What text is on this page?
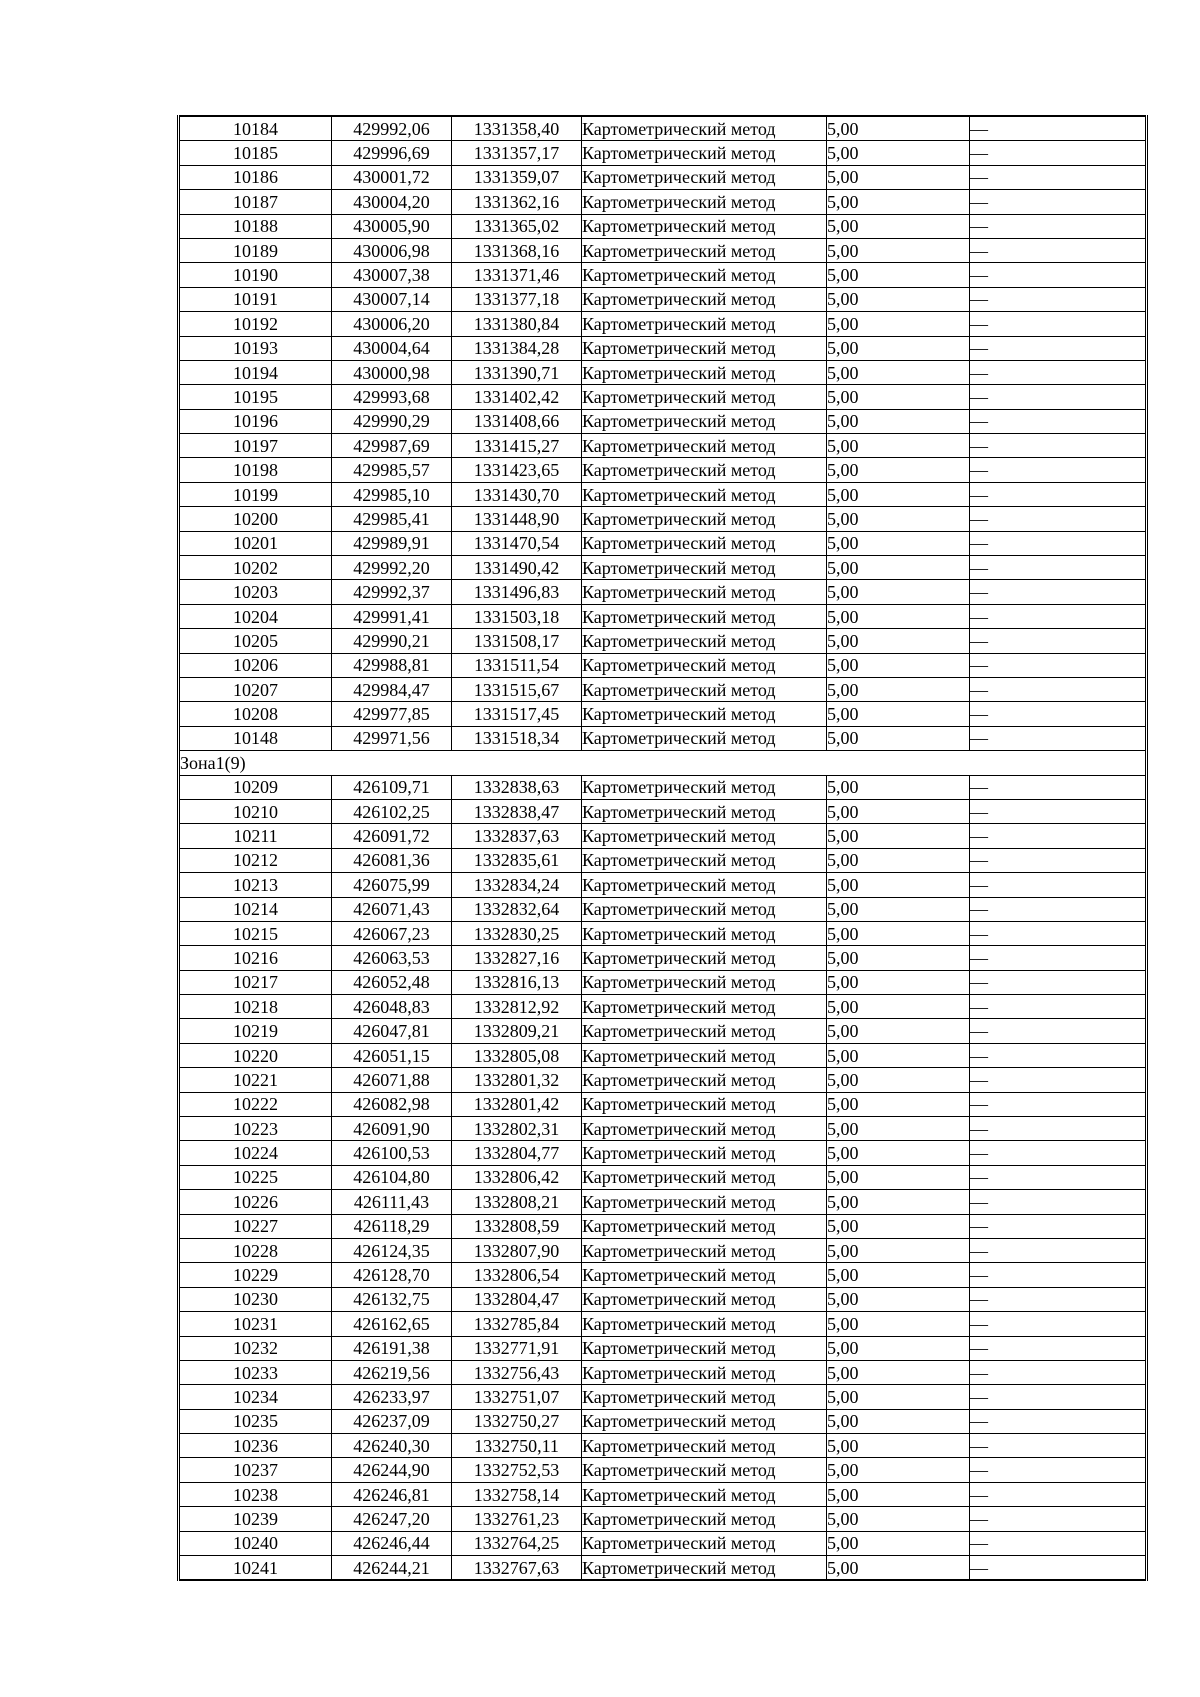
10184	429992,06	1331358,40	Картометрический метод	5,00	—
10185	429996,69	1331357,17	Картометрический метод	5,00	—
10186	430001,72	1331359,07	Картометрический метод	5,00	—
10187	430004,20	1331362,16	Картометрический метод	5,00	—
10188	430005,90	1331365,02	Картометрический метод	5,00	—
10189	430006,98	1331368,16	Картометрический метод	5,00	—
10190	430007,38	1331371,46	Картометрический метод	5,00	—
10191	430007,14	1331377,18	Картометрический метод	5,00	—
10192	430006,20	1331380,84	Картометрический метод	5,00	—
10193	430004,64	1331384,28	Картометрический метод	5,00	—
10194	430000,98	1331390,71	Картометрический метод	5,00	—
10195	429993,68	1331402,42	Картометрический метод	5,00	—
10196	429990,29	1331408,66	Картометрический метод	5,00	—
10197	429987,69	1331415,27	Картометрический метод	5,00	—
10198	429985,57	1331423,65	Картометрический метод	5,00	—
10199	429985,10	1331430,70	Картометрический метод	5,00	—
10200	429985,41	1331448,90	Картометрический метод	5,00	—
10201	429989,91	1331470,54	Картометрический метод	5,00	—
10202	429992,20	1331490,42	Картометрический метод	5,00	—
10203	429992,37	1331496,83	Картометрический метод	5,00	—
10204	429991,41	1331503,18	Картометрический метод	5,00	—
10205	429990,21	1331508,17	Картометрический метод	5,00	—
10206	429988,81	1331511,54	Картометрический метод	5,00	—
10207	429984,47	1331515,67	Картометрический метод	5,00	—
10208	429977,85	1331517,45	Картометрический метод	5,00	—
10148	429971,56	1331518,34	Картометрический метод	5,00	—
Зона1(9)					
10209	426109,71	1332838,63	Картометрический метод	5,00	—
10210	426102,25	1332838,47	Картометрический метод	5,00	—
10211	426091,72	1332837,63	Картометрический метод	5,00	—
10212	426081,36	1332835,61	Картометрический метод	5,00	—
10213	426075,99	1332834,24	Картометрический метод	5,00	—
10214	426071,43	1332832,64	Картометрический метод	5,00	—
10215	426067,23	1332830,25	Картометрический метод	5,00	—
10216	426063,53	1332827,16	Картометрический метод	5,00	—
10217	426052,48	1332816,13	Картометрический метод	5,00	—
10218	426048,83	1332812,92	Картометрический метод	5,00	—
10219	426047,81	1332809,21	Картометрический метод	5,00	—
10220	426051,15	1332805,08	Картометрический метод	5,00	—
10221	426071,88	1332801,32	Картометрический метод	5,00	—
10222	426082,98	1332801,42	Картометрический метод	5,00	—
10223	426091,90	1332802,31	Картометрический метод	5,00	—
10224	426100,53	1332804,77	Картометрический метод	5,00	—
10225	426104,80	1332806,42	Картометрический метод	5,00	—
10226	426111,43	1332808,21	Картометрический метод	5,00	—
10227	426118,29	1332808,59	Картометрический метод	5,00	—
10228	426124,35	1332807,90	Картометрический метод	5,00	—
10229	426128,70	1332806,54	Картометрический метод	5,00	—
10230	426132,75	1332804,47	Картометрический метод	5,00	—
10231	426162,65	1332785,84	Картометрический метод	5,00	—
10232	426191,38	1332771,91	Картометрический метод	5,00	—
10233	426219,56	1332756,43	Картометрический метод	5,00	—
10234	426233,97	1332751,07	Картометрический метод	5,00	—
10235	426237,09	1332750,27	Картометрический метод	5,00	—
10236	426240,30	1332750,11	Картометрический метод	5,00	—
10237	426244,90	1332752,53	Картометрический метод	5,00	—
10238	426246,81	1332758,14	Картометрический метод	5,00	—
10239	426247,20	1332761,23	Картометрический метод	5,00	—
10240	426246,44	1332764,25	Картометрический метод	5,00	—
10241	426244,21	1332767,63	Картометрический метод	5,00	—
